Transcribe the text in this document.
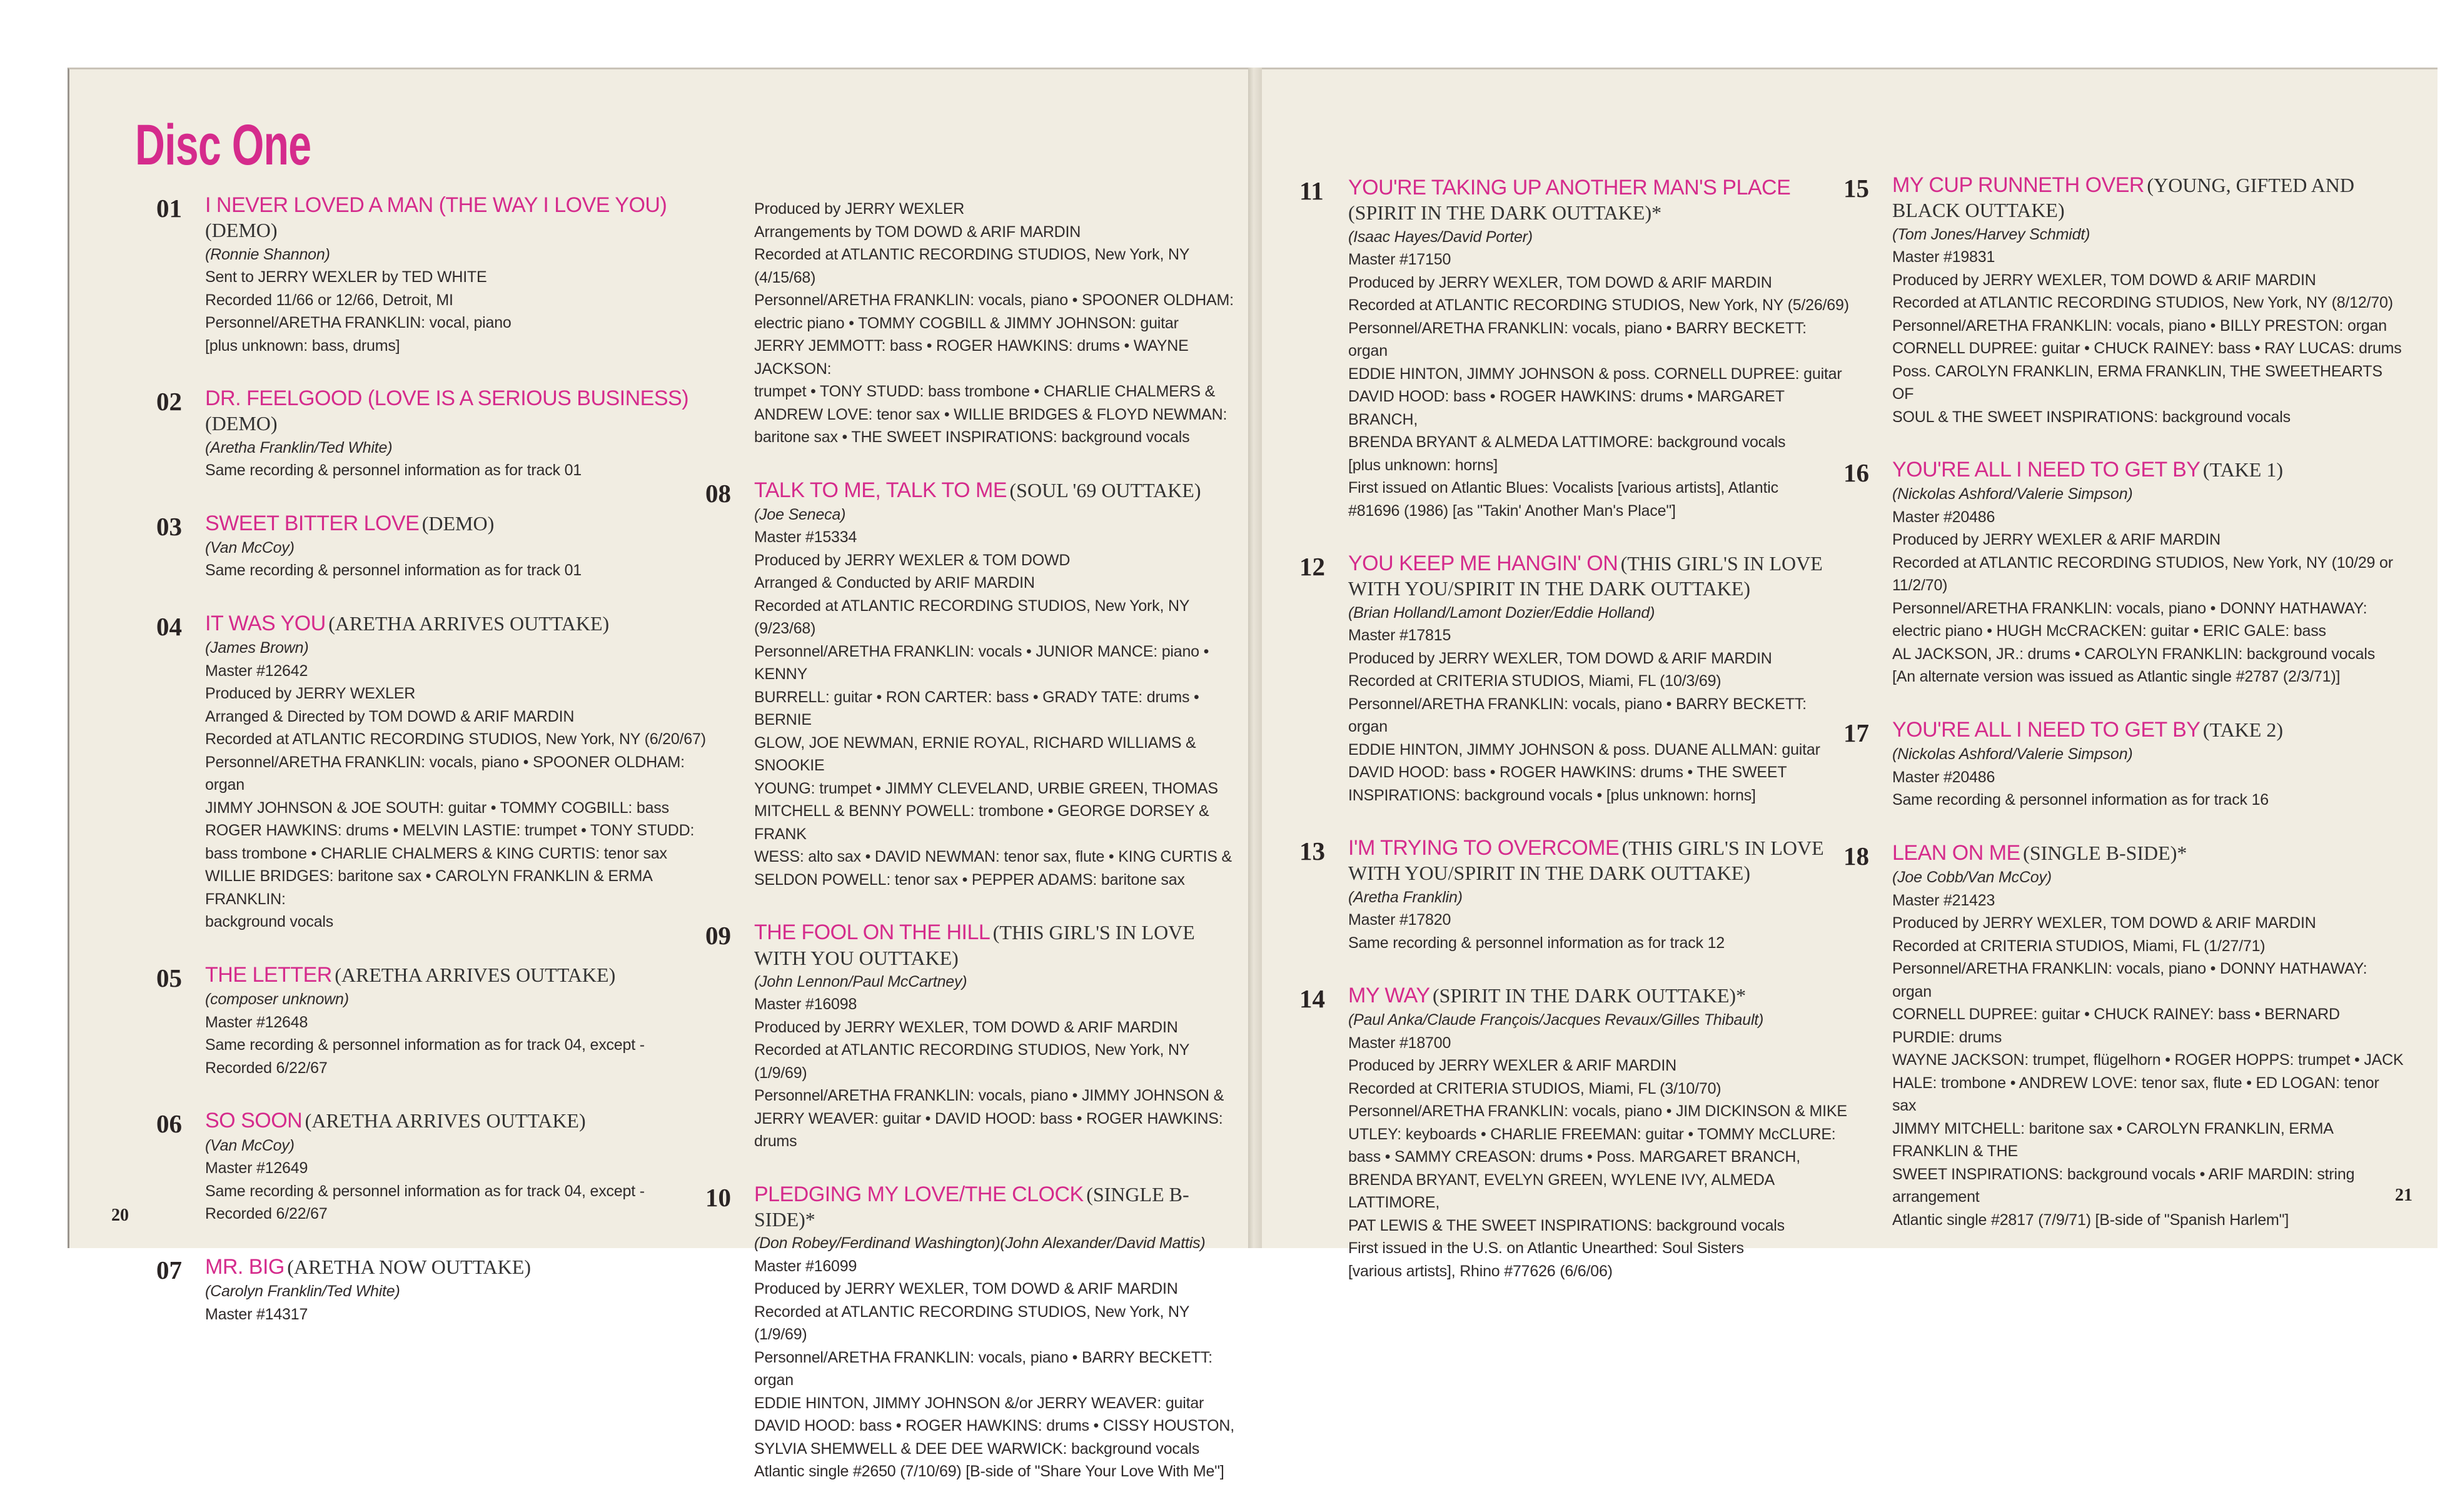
Disc One
01 I NEVER LOVED A MAN (THE WAY I LOVE YOU) (DEMO)
(Ronnie Shannon)
Sent to JERRY WEXLER by TED WHITE
Recorded 11/66 or 12/66, Detroit, MI
Personnel/ARETHA FRANKLIN: vocal, piano
[plus unknown: bass, drums]
02 DR. FEELGOOD (LOVE IS A SERIOUS BUSINESS) (DEMO)
(Aretha Franklin/Ted White)
Same recording & personnel information as for track 01
03 SWEET BITTER LOVE (DEMO)
(Van McCoy)
Same recording & personnel information as for track 01
04 IT WAS YOU (ARETHA ARRIVES OUTTAKE)
(James Brown)
Master #12642
Produced by JERRY WEXLER
Arranged & Directed by TOM DOWD & ARIF MARDIN
Recorded at ATLANTIC RECORDING STUDIOS, New York, NY (6/20/67)
Personnel/ARETHA FRANKLIN: vocals, piano • SPOONER OLDHAM: organ
JIMMY JOHNSON & JOE SOUTH: guitar • TOMMY COGBILL: bass
ROGER HAWKINS: drums • MELVIN LASTIE: trumpet • TONY STUDD:
bass trombone • CHARLIE CHALMERS & KING CURTIS: tenor sax
WILLIE BRIDGES: baritone sax • CAROLYN FRANKLIN & ERMA FRANKLIN:
background vocals
05 THE LETTER (ARETHA ARRIVES OUTTAKE)
(composer unknown)
Master #12648
Same recording & personnel information as for track 04, except -
Recorded 6/22/67
06 SO SOON (ARETHA ARRIVES OUTTAKE)
(Van McCoy)
Master #12649
Same recording & personnel information as for track 04, except -
Recorded 6/22/67
07 MR. BIG (ARETHA NOW OUTTAKE)
(Carolyn Franklin/Ted White)
Master #14317
Produced by JERRY WEXLER
Arrangements by TOM DOWD & ARIF MARDIN
Recorded at ATLANTIC RECORDING STUDIOS, New York, NY (4/15/68)
Personnel/ARETHA FRANKLIN: vocals, piano • SPOONER OLDHAM:
electric piano • TOMMY COGBILL & JIMMY JOHNSON: guitar
JERRY JEMMOTT: bass • ROGER HAWKINS: drums • WAYNE JACKSON:
trumpet • TONY STUDD: bass trombone • CHARLIE CHALMERS &
ANDREW LOVE: tenor sax • WILLIE BRIDGES & FLOYD NEWMAN:
baritone sax • THE SWEET INSPIRATIONS: background vocals
08 TALK TO ME, TALK TO ME (SOUL '69 OUTTAKE)
(Joe Seneca)
Master #15334
Produced by JERRY WEXLER & TOM DOWD
Arranged & Conducted by ARIF MARDIN
Recorded at ATLANTIC RECORDING STUDIOS, New York, NY (9/23/68)
Personnel/ARETHA FRANKLIN: vocals • JUNIOR MANCE: piano • KENNY
BURRELL: guitar • RON CARTER: bass • GRADY TATE: drums • BERNIE
GLOW, JOE NEWMAN, ERNIE ROYAL, RICHARD WILLIAMS & SNOOKIE
YOUNG: trumpet • JIMMY CLEVELAND, URBIE GREEN, THOMAS
MITCHELL & BENNY POWELL: trombone • GEORGE DORSEY & FRANK
WESS: alto sax • DAVID NEWMAN: tenor sax, flute • KING CURTIS &
SELDON POWELL: tenor sax • PEPPER ADAMS: baritone sax
09 THE FOOL ON THE HILL (THIS GIRL'S IN LOVE WITH YOU OUTTAKE)
(John Lennon/Paul McCartney)
Master #16098
Produced by JERRY WEXLER, TOM DOWD & ARIF MARDIN
Recorded at ATLANTIC RECORDING STUDIOS, New York, NY (1/9/69)
Personnel/ARETHA FRANKLIN: vocals, piano • JIMMY JOHNSON &
JERRY WEAVER: guitar • DAVID HOOD: bass • ROGER HAWKINS: drums
10 PLEDGING MY LOVE/THE CLOCK (SINGLE B-SIDE)*
(Don Robey/Ferdinand Washington)(John Alexander/David Mattis)
Master #16099
Produced by JERRY WEXLER, TOM DOWD & ARIF MARDIN
Recorded at ATLANTIC RECORDING STUDIOS, New York, NY (1/9/69)
Personnel/ARETHA FRANKLIN: vocals, piano • BARRY BECKETT: organ
EDDIE HINTON, JIMMY JOHNSON &/or JERRY WEAVER: guitar
DAVID HOOD: bass • ROGER HAWKINS: drums • CISSY HOUSTON,
SYLVIA SHEMWELL & DEE DEE WARWICK: background vocals
Atlantic single #2650 (7/10/69) [B-side of "Share Your Love With Me"]
11 YOU'RE TAKING UP ANOTHER MAN'S PLACE (SPIRIT IN THE DARK OUTTAKE)*
(Isaac Hayes/David Porter)
Master #17150
Produced by JERRY WEXLER, TOM DOWD & ARIF MARDIN
Recorded at ATLANTIC RECORDING STUDIOS, New York, NY (5/26/69)
Personnel/ARETHA FRANKLIN: vocals, piano • BARRY BECKETT: organ
EDDIE HINTON, JIMMY JOHNSON & poss. CORNELL DUPREE: guitar
DAVID HOOD: bass • ROGER HAWKINS: drums • MARGARET BRANCH,
BRENDA BRYANT & ALMEDA LATTIMORE: background vocals
[plus unknown: horns]
First issued on Atlantic Blues: Vocalists [various artists], Atlantic
#81696 (1986) [as "Takin' Another Man's Place"]
12 YOU KEEP ME HANGIN' ON (THIS GIRL'S IN LOVE WITH YOU/SPIRIT IN THE DARK OUTTAKE)
(Brian Holland/Lamont Dozier/Eddie Holland)
Master #17815
Produced by JERRY WEXLER, TOM DOWD & ARIF MARDIN
Recorded at CRITERIA STUDIOS, Miami, FL (10/3/69)
Personnel/ARETHA FRANKLIN: vocals, piano • BARRY BECKETT: organ
EDDIE HINTON, JIMMY JOHNSON & poss. DUANE ALLMAN: guitar
DAVID HOOD: bass • ROGER HAWKINS: drums • THE SWEET
INSPIRATIONS: background vocals • [plus unknown: horns]
13 I'M TRYING TO OVERCOME (THIS GIRL'S IN LOVE WITH YOU/SPIRIT IN THE DARK OUTTAKE)
(Aretha Franklin)
Master #17820
Same recording & personnel information as for track 12
14 MY WAY (SPIRIT IN THE DARK OUTTAKE)*
(Paul Anka/Claude François/Jacques Revaux/Gilles Thibault)
Master #18700
Produced by JERRY WEXLER & ARIF MARDIN
Recorded at CRITERIA STUDIOS, Miami, FL (3/10/70)
Personnel/ARETHA FRANKLIN: vocals, piano • JIM DICKINSON & MIKE
UTLEY: keyboards • CHARLIE FREEMAN: guitar • TOMMY McCLURE:
bass • SAMMY CREASON: drums • Poss. MARGARET BRANCH,
BRENDA BRYANT, EVELYN GREEN, WYLENE IVY, ALMEDA LATTIMORE,
PAT LEWIS & THE SWEET INSPIRATIONS: background vocals
First issued in the U.S. on Atlantic Unearthed: Soul Sisters
[various artists], Rhino #77626 (6/6/06)
15 MY CUP RUNNETH OVER (YOUNG, GIFTED AND BLACK OUTTAKE)
(Tom Jones/Harvey Schmidt)
Master #19831
Produced by JERRY WEXLER, TOM DOWD & ARIF MARDIN
Recorded at ATLANTIC RECORDING STUDIOS, New York, NY (8/12/70)
Personnel/ARETHA FRANKLIN: vocals, piano • BILLY PRESTON: organ
CORNELL DUPREE: guitar • CHUCK RAINEY: bass • RAY LUCAS: drums
Poss. CAROLYN FRANKLIN, ERMA FRANKLIN, THE SWEETHEARTS OF
SOUL & THE SWEET INSPIRATIONS: background vocals
16 YOU'RE ALL I NEED TO GET BY (TAKE 1)
(Nickolas Ashford/Valerie Simpson)
Master #20486
Produced by JERRY WEXLER & ARIF MARDIN
Recorded at ATLANTIC RECORDING STUDIOS, New York, NY (10/29 or 11/2/70)
Personnel/ARETHA FRANKLIN: vocals, piano • DONNY HATHAWAY:
electric piano • HUGH McCRACKEN: guitar • ERIC GALE: bass
AL JACKSON, JR.: drums • CAROLYN FRANKLIN: background vocals
[An alternate version was issued as Atlantic single #2787 (2/3/71)]
17 YOU'RE ALL I NEED TO GET BY (TAKE 2)
(Nickolas Ashford/Valerie Simpson)
Master #20486
Same recording & personnel information as for track 16
18 LEAN ON ME (SINGLE B-SIDE)*
(Joe Cobb/Van McCoy)
Master #21423
Produced by JERRY WEXLER, TOM DOWD & ARIF MARDIN
Recorded at CRITERIA STUDIOS, Miami, FL (1/27/71)
Personnel/ARETHA FRANKLIN: vocals, piano • DONNY HATHAWAY: organ
CORNELL DUPREE: guitar • CHUCK RAINEY: bass • BERNARD PURDIE: drums
WAYNE JACKSON: trumpet, flügelhorn • ROGER HOPPS: trumpet • JACK
HALE: trombone • ANDREW LOVE: tenor sax, flute • ED LOGAN: tenor sax
JIMMY MITCHELL: baritone sax • CAROLYN FRANKLIN, ERMA FRANKLIN & THE
SWEET INSPIRATIONS: background vocals • ARIF MARDIN: string arrangement
Atlantic single #2817 (7/9/71) [B-side of "Spanish Harlem"]
20
21
